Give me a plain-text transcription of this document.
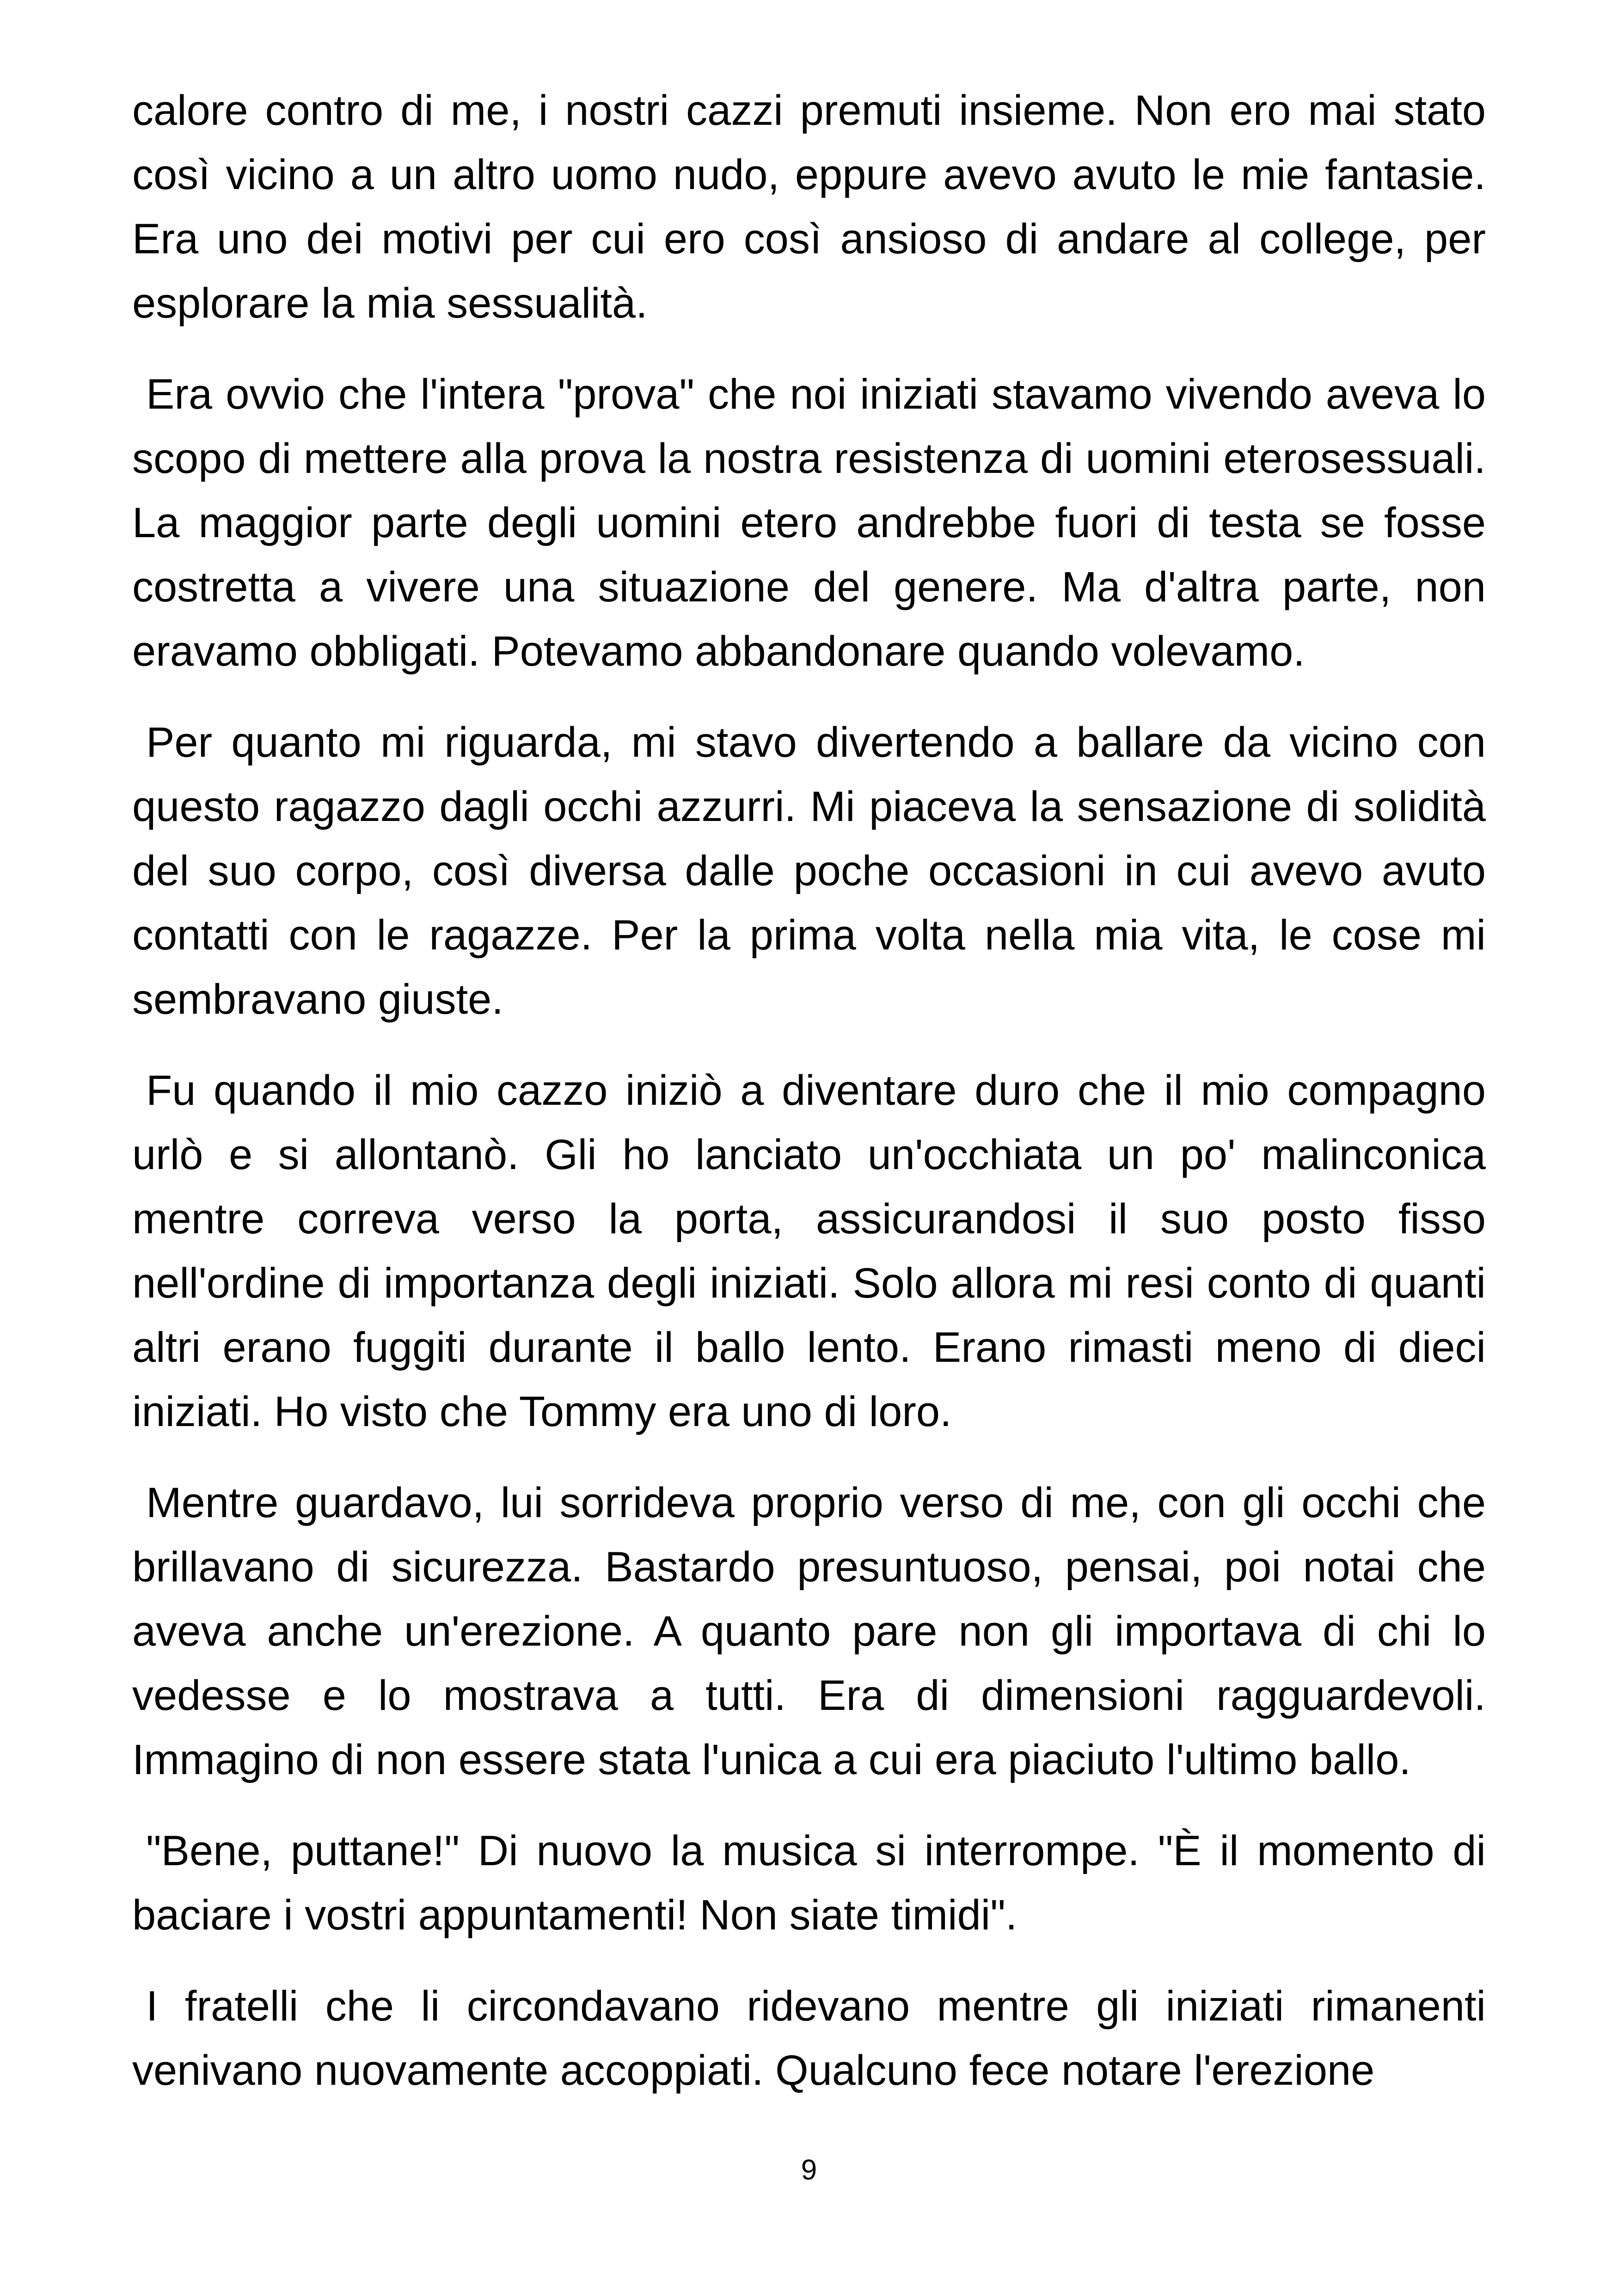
calore contro di me, i nostri cazzi premuti insieme. Non ero mai stato così vicino a un altro uomo nudo, eppure avevo avuto le mie fantasie. Era uno dei motivi per cui ero così ansioso di andare al college, per esplorare la mia sessualità.

Era ovvio che l'intera "prova" che noi iniziati stavamo vivendo aveva lo scopo di mettere alla prova la nostra resistenza di uomini eterosessuali. La maggior parte degli uomini etero andrebbe fuori di testa se fosse costretta a vivere una situazione del genere. Ma d'altra parte, non eravamo obbligati. Potevamo abbandonare quando volevamo.

Per quanto mi riguarda, mi stavo divertendo a ballare da vicino con questo ragazzo dagli occhi azzurri. Mi piaceva la sensazione di solidità del suo corpo, così diversa dalle poche occasioni in cui avevo avuto contatti con le ragazze. Per la prima volta nella mia vita, le cose mi sembravano giuste.

Fu quando il mio cazzo iniziò a diventare duro che il mio compagno urlò e si allontanò. Gli ho lanciato un'occhiata un po' malinconica mentre correva verso la porta, assicurandosi il suo posto fisso nell'ordine di importanza degli iniziati. Solo allora mi resi conto di quanti altri erano fuggiti durante il ballo lento. Erano rimasti meno di dieci iniziati. Ho visto che Tommy era uno di loro.

Mentre guardavo, lui sorrideva proprio verso di me, con gli occhi che brillavano di sicurezza. Bastardo presuntuoso, pensai, poi notai che aveva anche un'erezione. A quanto pare non gli importava di chi lo vedesse e lo mostrava a tutti. Era di dimensioni ragguardevoli. Immagino di non essere stata l'unica a cui era piaciuto l'ultimo ballo.

"Bene, puttane!" Di nuovo la musica si interrompe. "È il momento di baciare i vostri appuntamenti! Non siate timidi".

I fratelli che li circondavano ridevano mentre gli iniziati rimanenti venivano nuovamente accoppiati. Qualcuno fece notare l'erezione

9
